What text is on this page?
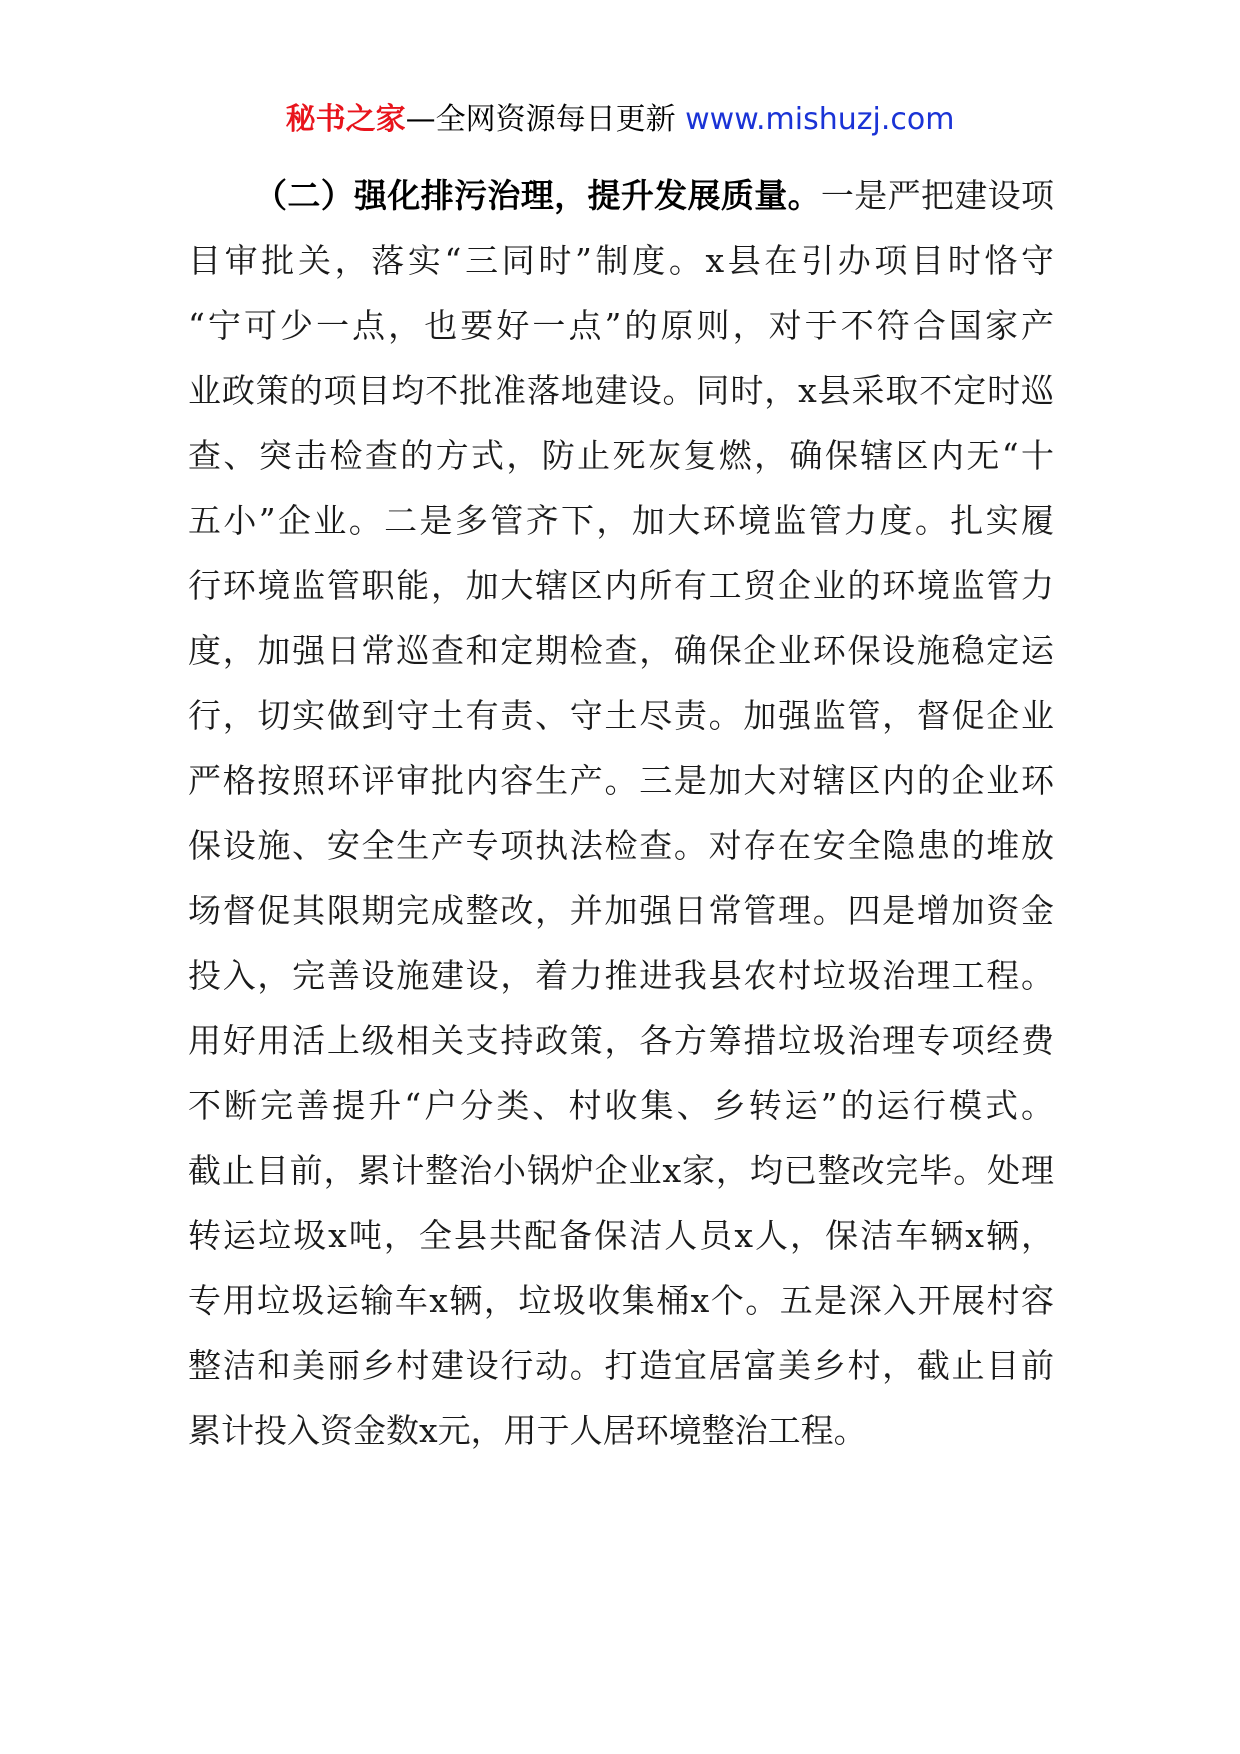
秘书之家—全网资源每日更新 www.mishuzj.com
（二）强化排污治理，提升发展质量。一是严把建设项
目审批关，落实“三同时”制度。x县在引办项目时恪守
“宁可少一点，也要好一点”的原则，对于不符合国家产
业政策的项目均不批准落地建设。同时，x县采取不定时巡
查、突击检查的方式，防止死灰复燃，确保辖区内无“十
五小”企业。二是多管齐下，加大环境监管力度。扎实履
行环境监管职能，加大辖区内所有工贸企业的环境监管力
度，加强日常巡查和定期检查，确保企业环保设施稳定运
行，切实做到守土有责、守土尽责。加强监管，督促企业
严格按照环评审批内容生产。三是加大对辖区内的企业环
保设施、安全生产专项执法检查。对存在安全隐患的堆放
场督促其限期完成整改，并加强日常管理。四是增加资金
投入，完善设施建设，着力推进我县农村垃圾治理工程。
用好用活上级相关支持政策，各方筹措垃圾治理专项经费
不断完善提升“户分类、村收集、乡转运”的运行模式。
截止目前，累计整治小锅炉企业x家，均已整改完毕。处理
转运垃圾x吨，全县共配备保洁人员x人，保洁车辆x辆，
专用垃圾运输车x辆，垃圾收集桶x个。五是深入开展村容
整洁和美丽乡村建设行动。打造宜居富美乡村，截止目前
累计投入资金数x元，用于人居环境整治工程。
